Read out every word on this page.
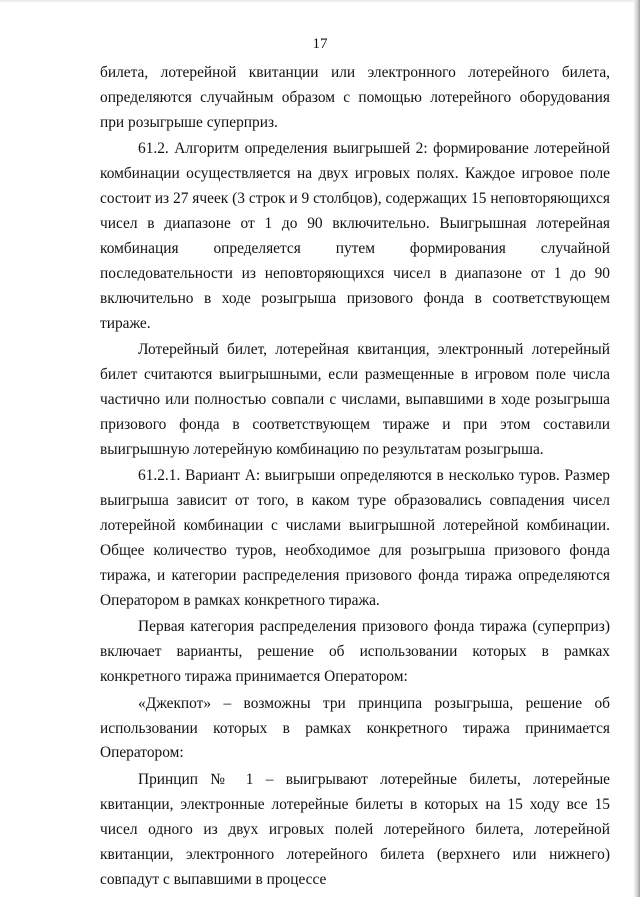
17

билета, лотерейной квитанции или электронного лотерейного билета, определяются случайным образом с помощью лотерейного оборудования при розыгрыше суперприз.

61.2. Алгоритм определения выигрышей 2: формирование лотерейной комбинации осуществляется на двух игровых полях. Каждое игровое поле состоит из 27 ячеек (3 строк и 9 столбцов), содержащих 15 неповторяющихся чисел в диапазоне от 1 до 90 включительно. Выигрышная лотерейная комбинация определяется путем формирования случайной последовательности из неповторяющихся чисел в диапазоне от 1 до 90 включительно в ходе розыгрыша призового фонда в соответствующем тираже.

Лотерейный билет, лотерейная квитанция, электронный лотерейный билет считаются выигрышными, если размещенные в игровом поле числа частично или полностью совпали с числами, выпавшими в ходе розыгрыша призового фонда в соответствующем тираже и при этом составили выигрышную лотерейную комбинацию по результатам розыгрыша.

61.2.1. Вариант А: выигрыши определяются в несколько туров. Размер выигрыша зависит от того, в каком туре образовались совпадения чисел лотерейной комбинации с числами выигрышной лотерейной комбинации. Общее количество туров, необходимое для розыгрыша призового фонда тиража, и категории распределения призового фонда тиража определяются Оператором в рамках конкретного тиража.

Первая категория распределения призового фонда тиража (суперприз) включает варианты, решение об использовании которых в рамках конкретного тиража принимается Оператором:

«Джекпот» – возможны три принципа розыгрыша, решение об использовании которых в рамках конкретного тиража принимается Оператором:

Принцип № 1 – выигрывают лотерейные билеты, лотерейные квитанции, электронные лотерейные билеты в которых на 15 ходу все 15 чисел одного из двух игровых полей лотерейного билета, лотерейной квитанции, электронного лотерейного билета (верхнего или нижнего) совпадут с выпавшими в процессе
